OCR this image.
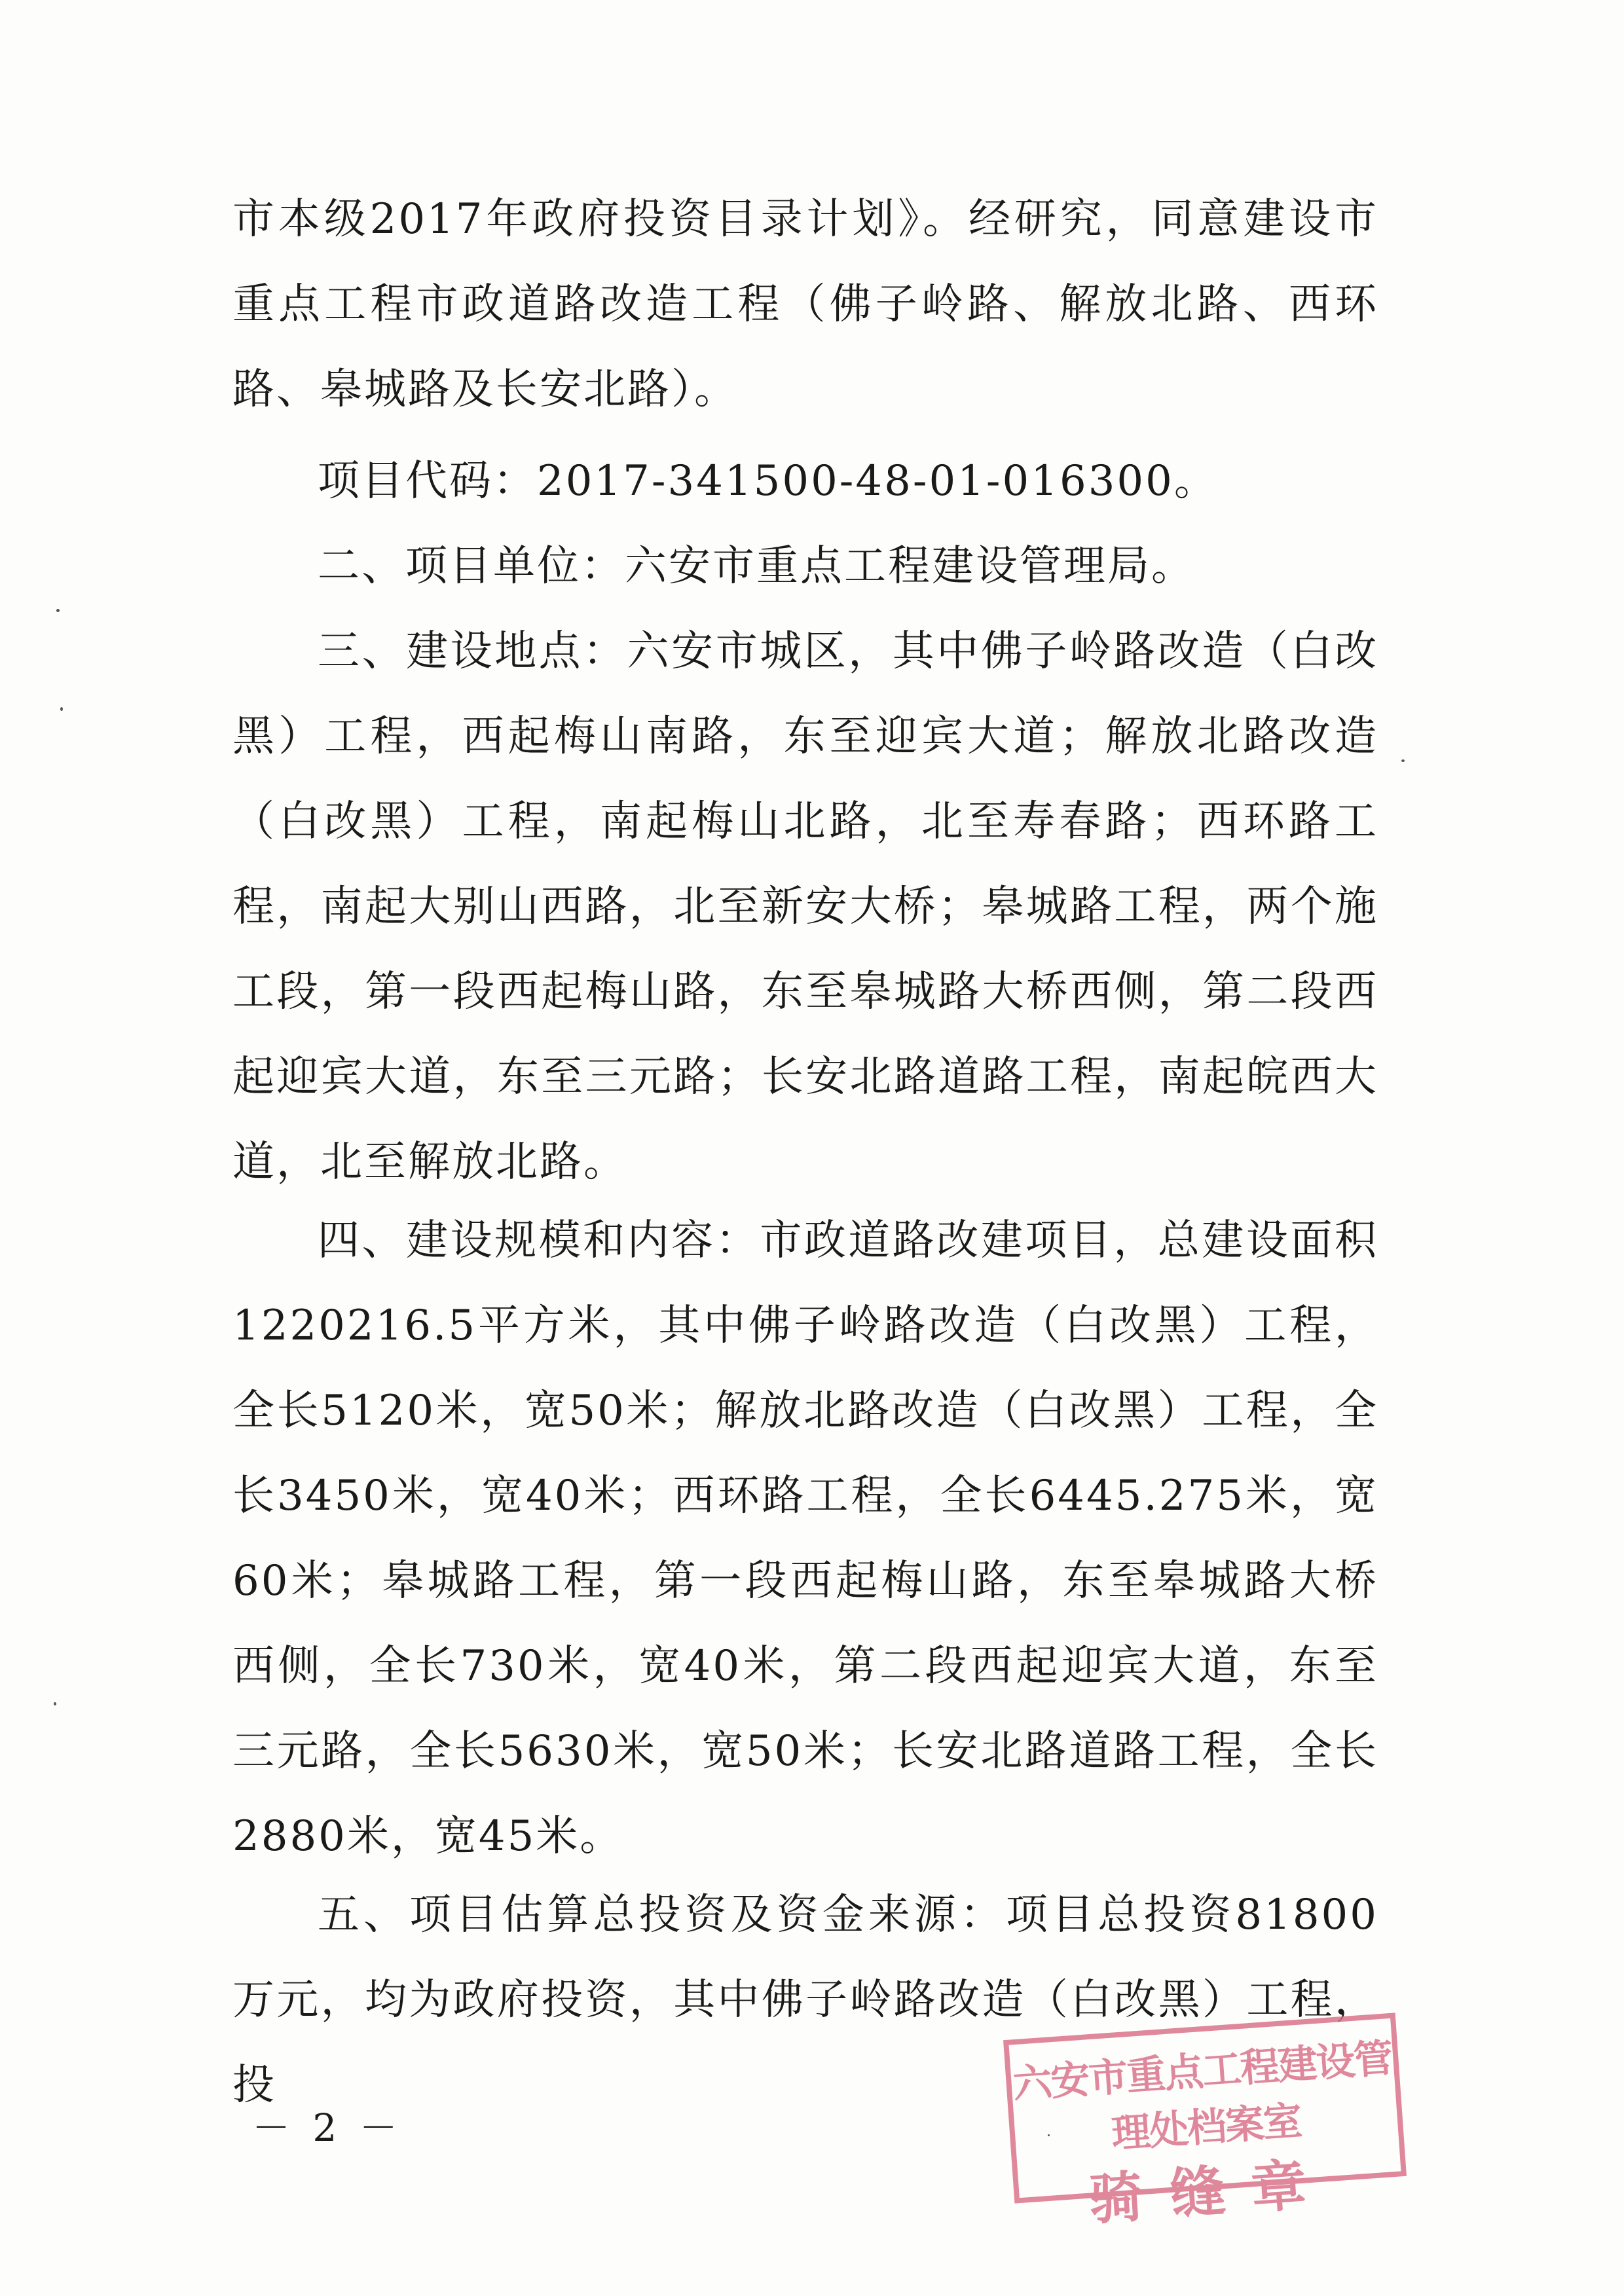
市本级2017年政府投资目录计划》。经研究，同意建设市重点工程市政道路改造工程（佛子岭路、解放北路、西环路、皋城路及长安北路）。

项目代码：2017-341500-48-01-016300。

二、项目单位：六安市重点工程建设管理局。

三、建设地点：六安市城区，其中佛子岭路改造（白改黑）工程，西起梅山南路，东至迎宾大道；解放北路改造（白改黑）工程，南起梅山北路，北至寿春路；西环路工程，南起大别山西路，北至新安大桥；皋城路工程，两个施工段，第一段西起梅山路，东至皋城路大桥西侧，第二段西起迎宾大道，东至三元路；长安北路道路工程，南起皖西大道，北至解放北路。

四、建设规模和内容：市政道路改建项目，总建设面积1220216.5平方米，其中佛子岭路改造（白改黑）工程，全长5120米，宽50米；解放北路改造（白改黑）工程，全长3450米，宽40米；西环路工程，全长6445.275米，宽60米；皋城路工程，第一段西起梅山路，东至皋城路大桥西侧，全长730米，宽40米，第二段西起迎宾大道，东至三元路，全长5630米，宽50米；长安北路道路工程，全长2880米，宽45米。

五、项目估算总投资及资金来源：项目总投资81800万元，均为政府投资，其中佛子岭路改造（白改黑）工程，投

－ 2 －
六安市重点工程建设管理处档案室
骑缝章
